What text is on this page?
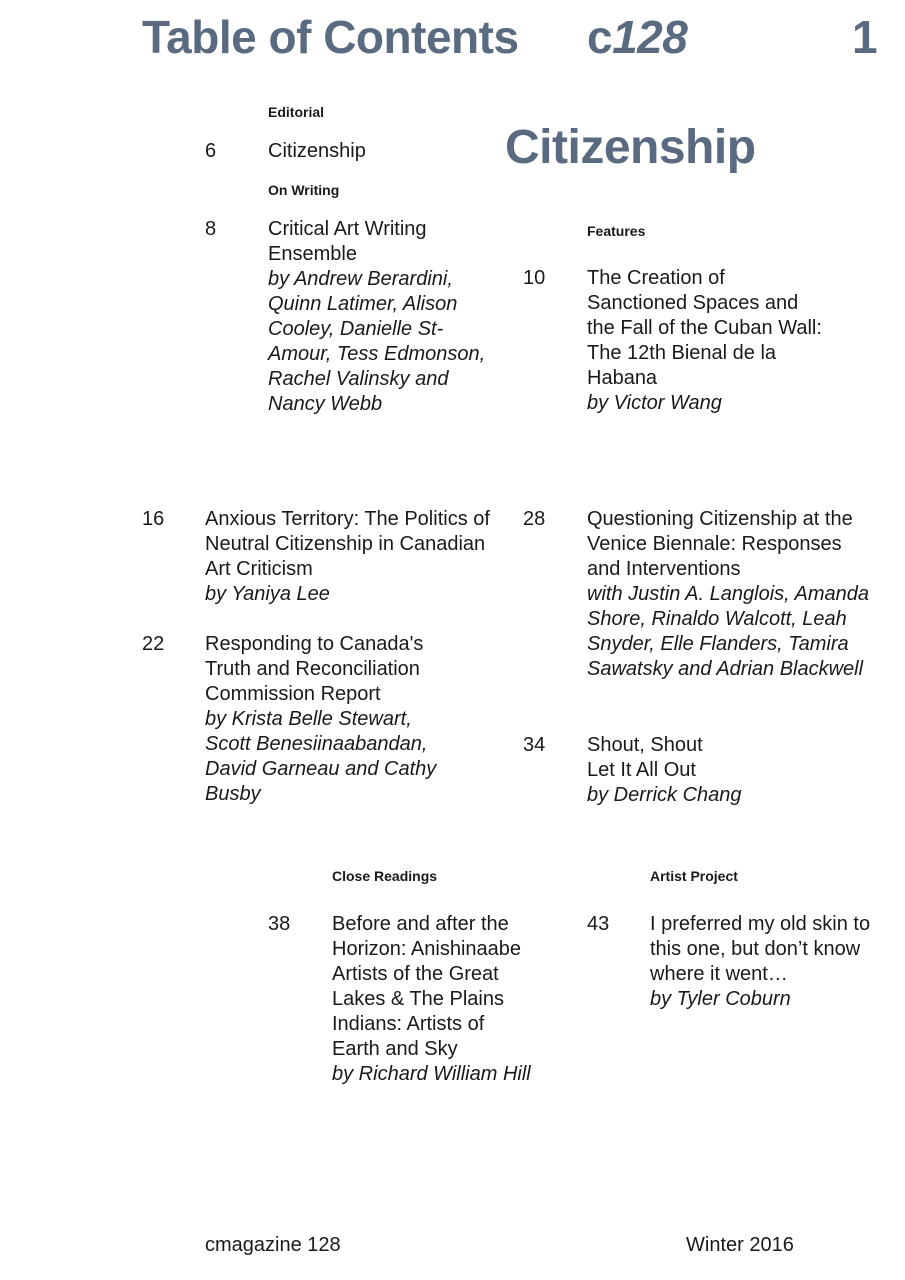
Table of Contents c128	1
Citizenship
Editorial
On Writing
Features
Close Readings	Artist Project
6	Citizenship
8	Critical Art Writing Ensemble
by Andrew Berardini, Quinn Latimer, Alison Cooley, Danielle St-Amour, Tess Edmonson, Rachel Valinsky and Nancy Webb
10 The Creation of Sanctioned Spaces and the Fall of the Cuban Wall: The 12th Bienal de la Habana
by Victor Wang
16 Anxious Territory: The Politics of Neutral Citizenship in Canadian Art Criticism
by Yaniya Lee
22 Responding to Canada's Truth and Reconciliation Commission Report
by Krista Belle Stewart, Scott Benesiinaabandan, David Garneau and Cathy Busby
28 Questioning Citizenship at the Venice Biennale: Responses and Interventions
with Justin A. Langlois, Amanda Shore, Rinaldo Walcott, Leah Snyder, Elle Flanders, Tamira Sawatsky and Adrian Blackwell
34 Shout, Shout Let It All Out
by Derrick Chang
38 Before and after the Horizon: Anishinaabe Artists of the Great Lakes & The Plains Indians: Artists of Earth and Sky
by Richard William Hill
43 I preferred my old skin to this one, but don’t know where it went…
by Tyler Coburn
cmagazine 128	Winter 2016
